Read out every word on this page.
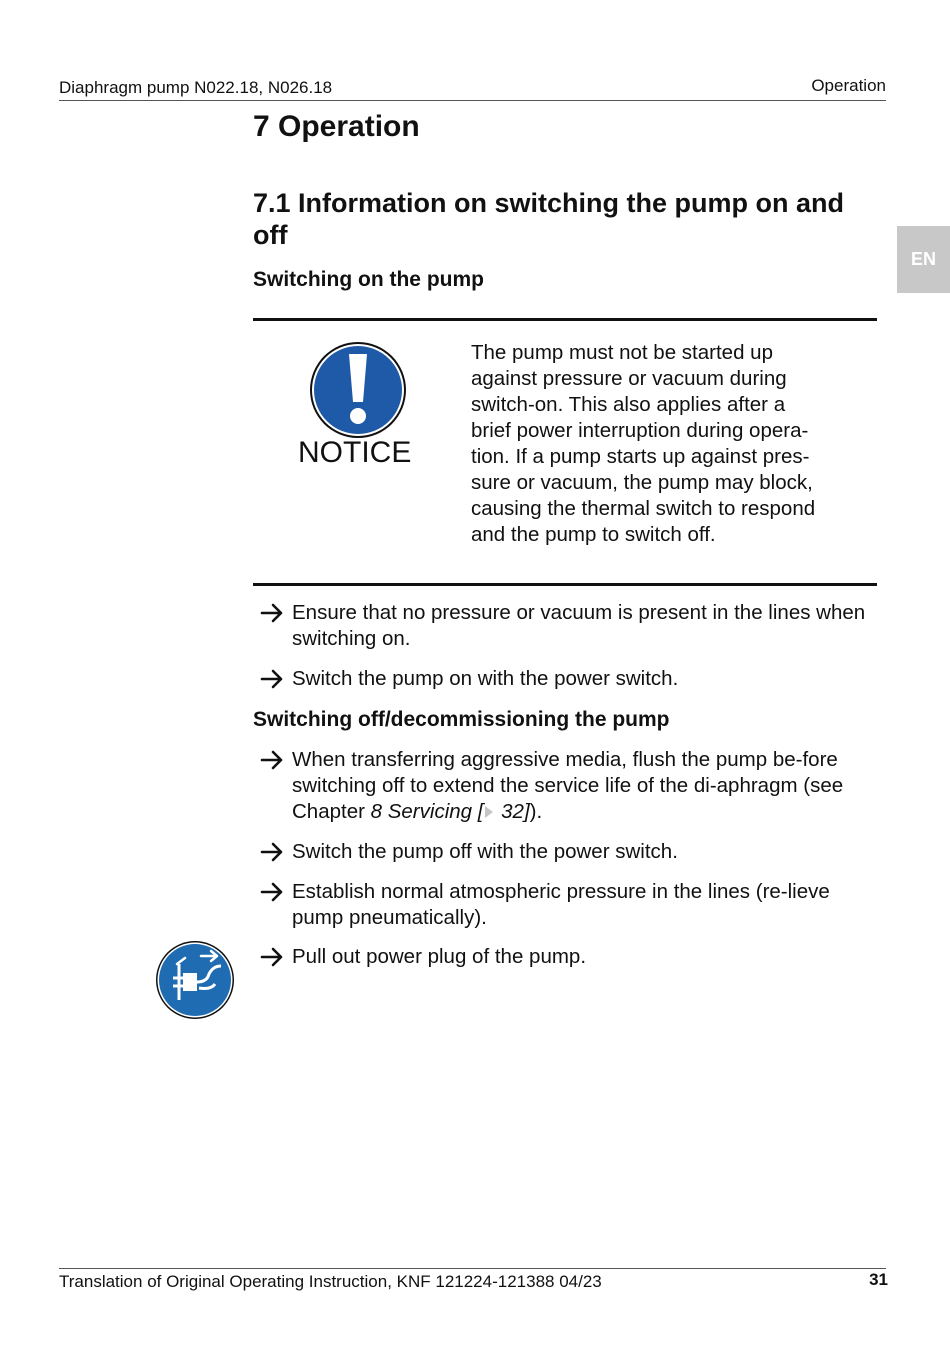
Diaphragm pump N022.18, N026.18	Operation
EN
7 Operation
7.1 Information on switching the pump on and off
Switching on the pump
NOTICE
The pump must not be started up
against pressure or vacuum during
switch-on. This also applies after a
brief power interruption during opera-
tion. If a pump starts up against pres-
sure or vacuum, the pump may block,
causing the thermal switch to respond
and the pump to switch off.
Ensure that no pressure or vacuum is present in the lines when switching on.
Switch the pump on with the power switch.
Switching off/decommissioning the pump
When transferring aggressive media, flush the pump be-fore switching off to extend the service life of the di-aphragm (see Chapter 8 Servicing [ 32]).
Switch the pump off with the power switch.
Establish normal atmospheric pressure in the lines (re-lieve pump pneumatically).
Pull out power plug of the pump.
Translation of Original Operating Instruction, KNF 121224-121388 04/23	31
